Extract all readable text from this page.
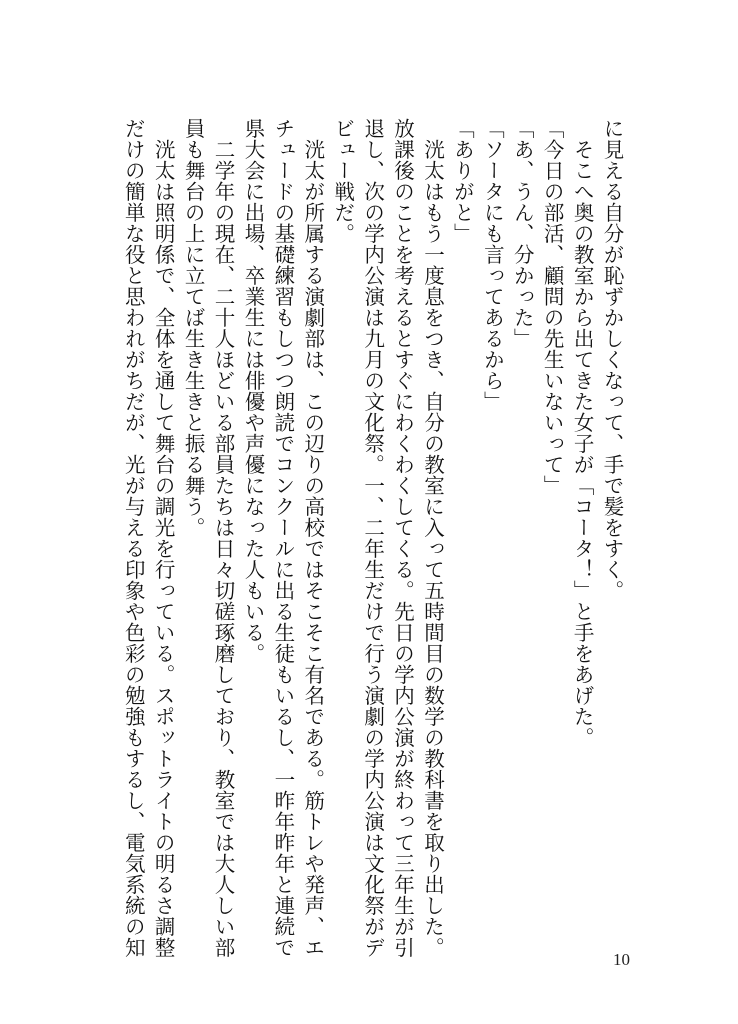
に見える自分が恥ずかしくなって、手で髪をすく。

　そこへ奥の教室から出てきた女子が「コータ！」と手をあげた。

「今日の部活、顧問の先生いないって」

「あ、うん、分かった」

「ソータにも言ってあるから」

「ありがと」

　洸太はもう一度息をつき、自分の教室に入って五時間目の数学の教科書を取り出した。

放課後のことを考えるとすぐにわくわくしてくる。先日の学内公演が終わって三年生が引

退し、次の学内公演は九月の文化祭。一、二年生だけで行う演劇の学内公演は文化祭がデ

ビュー戦だ。

　洸太が所属する演劇部は、この辺りの高校ではそこそこ有名である。筋トレや発声、エ

チュードの基礎練習もしつつ朗読でコンクールに出る生徒もいるし、一昨年昨年と連続で

県大会に出場、卒業生には俳優や声優になった人もいる。

　二学年の現在、二十人ほどいる部員たちは日々切磋琢磨しており、教室では大人しい部

員も舞台の上に立てば生き生きと振る舞う。

　洸太は照明係で、全体を通して舞台の調光を行っている。スポットライトの明るさ調整

だけの簡単な役と思われがちだが、光が与える印象や色彩の勉強もするし、電気系統の知

10
